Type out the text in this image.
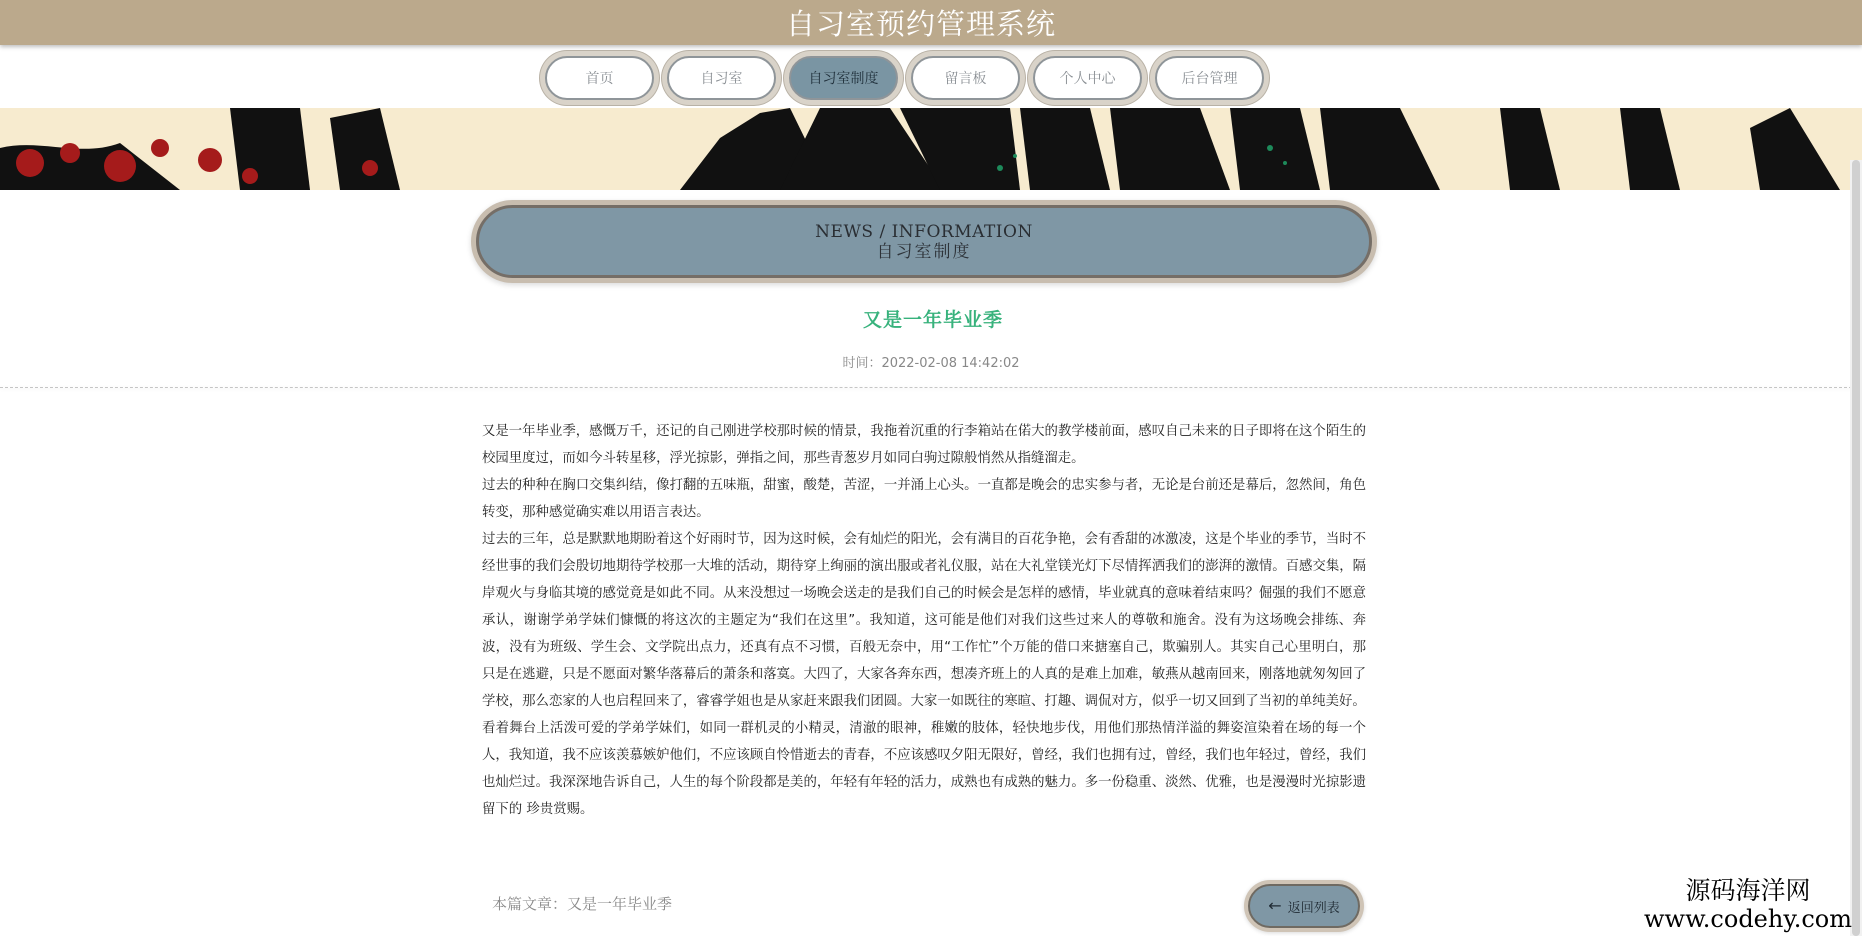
自习室预约管理系统
首页	自习室	自习室制度	留言板	个人中心	后台管理
NEWS / INFORMATION
自习室制度
又是一年毕业季
时间：2022-02-08 14:42:02

又是一年毕业季，感慨万千，还记的自己刚进学校那时候的情景，我拖着沉重的行李箱站在偌大的教学楼前面，感叹自己未来的日子即将在这个陌生的校园里度过，而如今斗转星移，浮光掠影，弹指之间，那些青葱岁月如同白驹过隙般悄然从指缝溜走。

过去的种种在胸口交集纠结，像打翻的五味瓶，甜蜜，酸楚，苦涩，一并涌上心头。一直都是晚会的忠实参与者，无论是台前还是幕后，忽然间，角色转变，那种感觉确实难以用语言表达。

过去的三年，总是默默地期盼着这个好雨时节，因为这时候，会有灿烂的阳光，会有满目的百花争艳，会有香甜的冰激凌，这是个毕业的季节，当时不经世事的我们会殷切地期待学校那一大堆的活动，期待穿上绚丽的演出服或者礼仪服，站在大礼堂镁光灯下尽情挥洒我们的澎湃的激情。百感交集，隔岸观火与身临其境的感觉竟是如此不同。从来没想过一场晚会送走的是我们自己的时候会是怎样的感情，毕业就真的意味着结束吗？倔强的我们不愿意承认，谢谢学弟学妹们慷慨的将这次的主题定为“我们在这里”。我知道，这可能是他们对我们这些过来人的尊敬和施舍。没有为这场晚会排练、奔波，没有为班级、学生会、文学院出点力，还真有点不习惯，百般无奈中，用“工作忙”个万能的借口来搪塞自己，欺骗别人。其实自己心里明白，那只是在逃避，只是不愿面对繁华落幕后的萧条和落寞。大四了，大家各奔东西，想凑齐班上的人真的是难上加难，敏燕从越南回来，刚落地就匆匆回了学校，那么恋家的人也启程回来了，睿睿学姐也是从家赶来跟我们团圆。大家一如既往的寒暄、打趣、调侃对方，似乎一切又回到了当初的单纯美好。

看着舞台上活泼可爱的学弟学妹们，如同一群机灵的小精灵，清澈的眼神，稚嫩的肢体，轻快地步伐，用他们那热情洋溢的舞姿渲染着在场的每一个人，我知道，我不应该羡慕嫉妒他们，不应该顾自怜惜逝去的青春，不应该感叹夕阳无限好，曾经，我们也拥有过，曾经，我们也年轻过，曾经，我们也灿烂过。我深深地告诉自己，人生的每个阶段都是美的，年轻有年轻的活力，成熟也有成熟的魅力。多一份稳重、淡然、优雅，也是漫漫时光掠影遗留下的 珍贵赏赐。

本篇文章：又是一年毕业季	← 返回列表
源码海洋网
www.codehy.com
